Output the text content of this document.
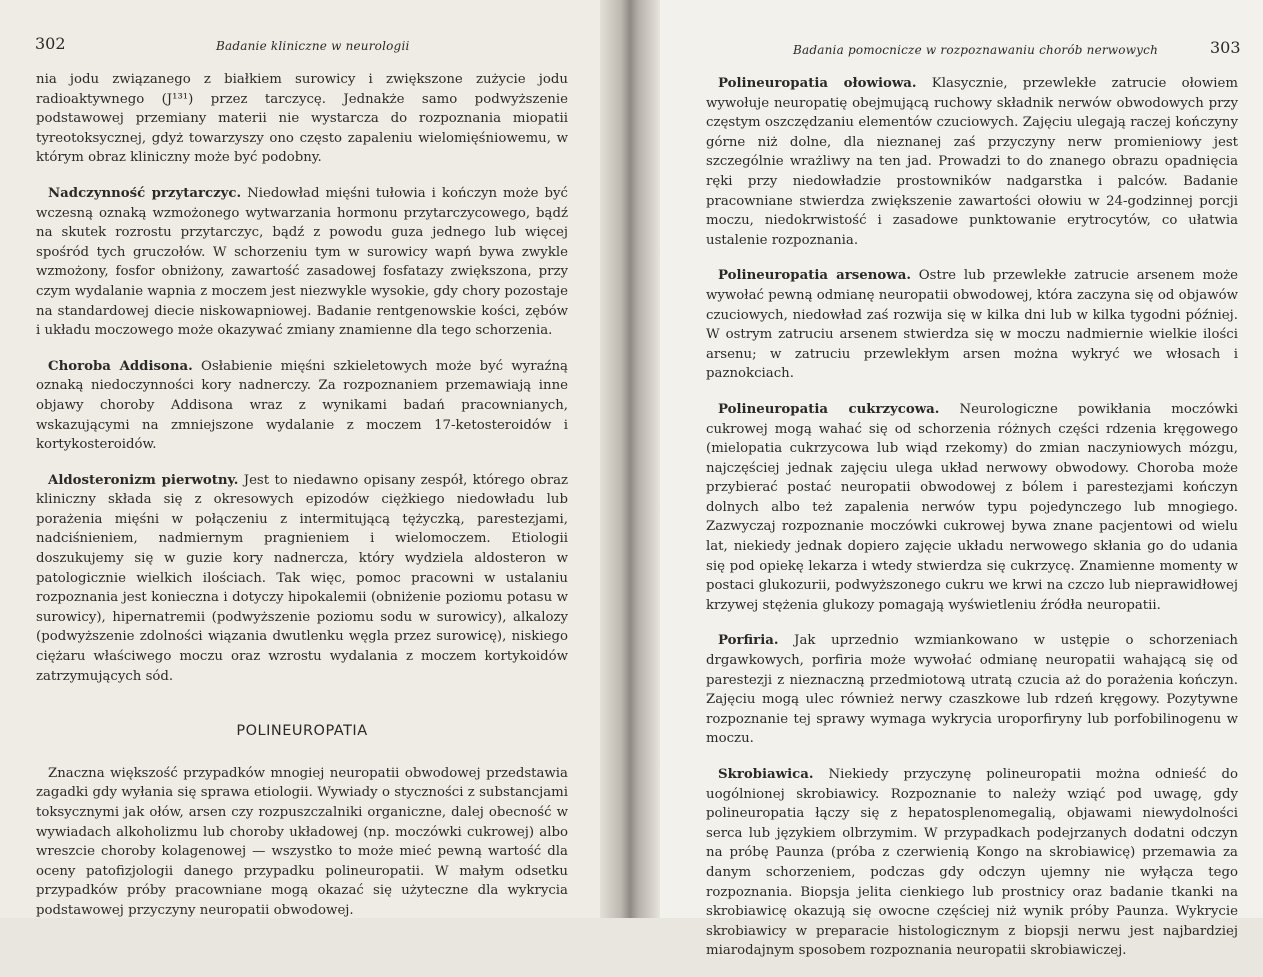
302	Badanie kliniczne w neurologii

nia jodu związanego z białkiem surowicy i zwiększone zużycie jodu radioaktywnego (J¹³¹) przez tarczycę. Jednakże samo podwyższenie podstawowej przemiany materii nie wystarcza do rozpoznania miopatii tyreotoksycznej, gdyż towarzyszy ono często zapaleniu wielomięśniowemu, w którym obraz kliniczny może być podobny.

Nadczynność przytarczyc. Niedowład mięśni tułowia i kończyn może być wczesną oznaką wzmożonego wytwarzania hormonu przytarczycowego, bądź na skutek rozrostu przytarczyc, bądź z powodu guza jednego lub więcej spośród tych gruczołów. W schorzeniu tym w surowicy wapń bywa zwykle wzmożony, fosfor obniżony, zawartość zasadowej fosfatazy zwiększona, przy czym wydalanie wapnia z moczem jest niezwykle wysokie, gdy chory pozostaje na standardowej diecie niskowapniowej. Badanie rentgenowskie kości, zębów i układu moczowego może okazywać zmiany znamienne dla tego schorzenia.

Choroba Addisona. Osłabienie mięśni szkieletowych może być wyraźną oznaką niedoczynności kory nadnerczy. Za rozpoznaniem przemawiają inne objawy choroby Addisona wraz z wynikami badań pracownianych, wskazującymi na zmniejszone wydalanie z moczem 17-ketosteroidów i kortykosteroidów.

Aldosteronizm pierwotny. Jest to niedawno opisany zespół, którego obraz kliniczny składa się z okresowych epizodów ciężkiego niedowładu lub porażenia mięśni w połączeniu z intermitującą tężyczką, parestezjami, nadciśnieniem, nadmiernym pragnieniem i wielomoczem. Etiologii doszukujemy się w guzie kory nadnercza, który wydziela aldosteron w patologicznie wielkich ilościach. Tak więc, pomoc pracowni w ustalaniu rozpoznania jest konieczna i dotyczy hipokalemii (obniżenie poziomu potasu w surowicy), hipernatremii (podwyższenie poziomu sodu w surowicy), alkalozy (podwyższenie zdolności wiązania dwutlenku węgla przez surowicę), niskiego ciężaru właściwego moczu oraz wzrostu wydalania z moczem kortykoidów zatrzymujących sód.

POLINEUROPATIA

Znaczna większość przypadków mnogiej neuropatii obwodowej przedstawia zagadki gdy wyłania się sprawa etiologii. Wywiady o styczności z substancjami toksycznymi jak ołów, arsen czy rozpuszczalniki organiczne, dalej obecność w wywiadach alkoholizmu lub choroby układowej (np. moczówki cukrowej) albo wreszcie choroby kolagenowej — wszystko to może mieć pewną wartość dla oceny patofizjologii danego przypadku polineuropatii. W małym odsetku przypadków próby pracowniane mogą okazać się użyteczne dla wykrycia podstawowej przyczyny neuropatii obwodowej.

Badania pomocnicze w rozpoznawaniu chorób nerwowych	303

Polineuropatia ołowiowa. Klasycznie, przewlekłe zatrucie ołowiem wywołuje neuropatię obejmującą ruchowy składnik nerwów obwodowych przy częstym oszczędzaniu elementów czuciowych. Zajęciu ulegają raczej kończyny górne niż dolne, dla nieznanej zaś przyczyny nerw promieniowy jest szczególnie wrażliwy na ten jad. Prowadzi to do znanego obrazu opadnięcia ręki przy niedowładzie prostowników nadgarstka i palców. Badanie pracowniane stwierdza zwiększenie zawartości ołowiu w 24-godzinnej porcji moczu, niedokrwistość i zasadowe punktowanie erytrocytów, co ułatwia ustalenie rozpoznania.

Polineuropatia arsenowa. Ostre lub przewlekłe zatrucie arsenem może wywołać pewną odmianę neuropatii obwodowej, która zaczyna się od objawów czuciowych, niedowład zaś rozwija się w kilka dni lub w kilka tygodni później. W ostrym zatruciu arsenem stwierdza się w moczu nadmiernie wielkie ilości arsenu; w zatruciu przewlekłym arsen można wykryć we włosach i paznokciach.

Polineuropatia cukrzycowa. Neurologiczne powikłania moczówki cukrowej mogą wahać się od schorzenia różnych części rdzenia kręgowego (mielopatia cukrzycowa lub wiąd rzekomy) do zmian naczyniowych mózgu, najczęściej jednak zajęciu ulega układ nerwowy obwodowy. Choroba może przybierać postać neuropatii obwodowej z bólem i parestezjami kończyn dolnych albo też zapalenia nerwów typu pojedynczego lub mnogiego. Zazwyczaj rozpoznanie moczówki cukrowej bywa znane pacjentowi od wielu lat, niekiedy jednak dopiero zajęcie układu nerwowego skłania go do udania się pod opiekę lekarza i wtedy stwierdza się cukrzycę. Znamienne momenty w postaci glukozurii, podwyższonego cukru we krwi na czczo lub nieprawidłowej krzywej stężenia glukozy pomagają wyświetleniu źródła neuropatii.

Porfiria. Jak uprzednio wzmiankowano w ustępie o schorzeniach drgawkowych, porfiria może wywołać odmianę neuropatii wahającą się od parestezji z nieznaczną przedmiotową utratą czucia aż do porażenia kończyn. Zajęciu mogą ulec również nerwy czaszkowe lub rdzeń kręgowy. Pozytywne rozpoznanie tej sprawy wymaga wykrycia uroporfiryny lub porfobilinogenu w moczu.

Skrobiawica. Niekiedy przyczynę polineuropatii można odnieść do uogólnionej skrobiawicy. Rozpoznanie to należy wziąć pod uwagę, gdy polineuropatia łączy się z hepatosplenomegalią, objawami niewydolności serca lub językiem olbrzymim. W przypadkach podejrzanych dodatni odczyn na próbę Paunza (próba z czerwienią Kongo na skrobiawicę) przemawia za danym schorzeniem, podczas gdy odczyn ujemny nie wyłącza tego rozpoznania. Biopsja jelita cienkiego lub prostnicy oraz badanie tkanki na skrobiawicę okazują się owocne częściej niż wynik próby Paunza. Wykrycie skrobiawicy w preparacie histologicznym z biopsji nerwu jest najbardziej miarodajnym sposobem rozpoznania neuropatii skrobiawiczej.
